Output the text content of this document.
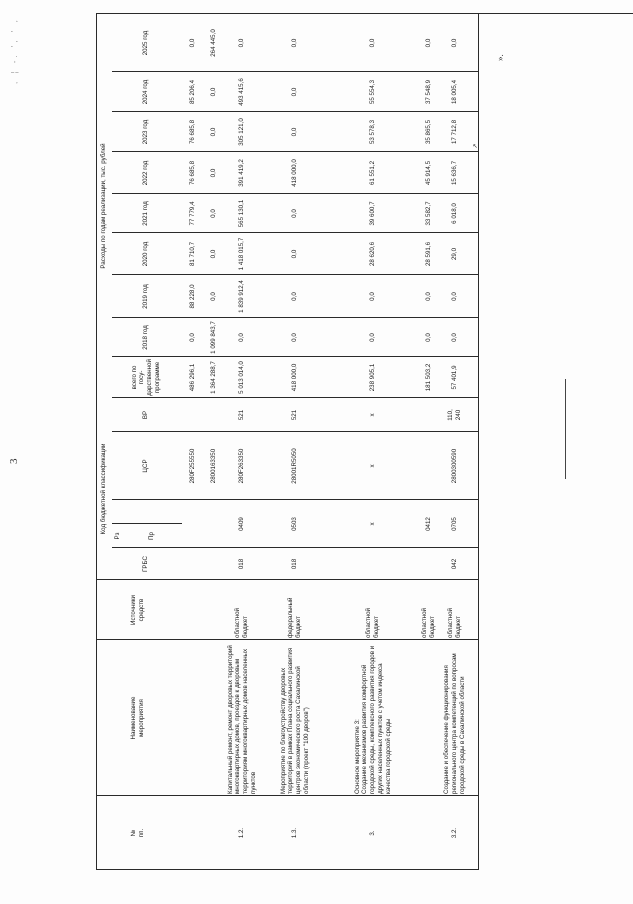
3
, ¦ -. ', ' ,	».
№
пп.
Наименование
мероприятия
Источники
средств
Код бюджетной классификации
ГРБС
Рз	Пр
ЦСР
ВР
Расходы по годам реализации, тыс. рублей
всего по госу-
дарственной
программе
2018 год
2019 год
2020 год
2021 год
2022 год
2023 год
2024 год
2025 год
280F255550
486 296,1
0,0
88 228,0
81 710,7
77 779,4
76 685,8
76 685,8
85 206,4
0,0
2800163350
1 364 288,7
1 099 843,7
0,0
0,0
0,0
0,0
0,0
0,0
264 445,0
1.2.
Капитальный ремонт, ремонт дворовых территорий многоквартирных домов, проездов к дворовым территориям многоквартирных домов населенных пунктов
областной
бюджет
018
0409
280F263350
521
5 013 014,0
0,0
1 839 912,4
1 418 015,7
565 130,1
391 419,2
305 121,0
493 415,6
0,0
1.3.
Мероприятие по благоустройству дворовых территорий в рамках Плана социального развития центров экономического роста Сахалинской области (проект "100 дворов")
федеральный
бюджет
018
0503
28001R5050
521
418 000,0
0,0
0,0
0,0
0,0
418 000,0
0,0
0,0
0,0
3.
Основное мероприятие 3:
Создание механизмов развития комфортной городской среды, комплексного развития городов и других населенных пунктов с учетом индекса качества городской среды
областной
бюджет
x
x
x
238 905,1
0,0
0,0
28 620,6
39 600,7
61 551,2
53 578,3
55 554,3
0,0
областной
бюджет
0412
181 503,2
0,0
0,0
28 591,6
33 582,7
45 914,5
35 865,5
37 548,9
0,0
3.2.
Создание и обеспечение функционирования регионального центра компетенций по вопросам городской среды в Сахалинской области
областной
бюджет
042
0705
2800300590
110,
240
57 401,9
0,0
0,0
29,0
6 018,0
15 636,7
17 712,8
18 005,4
0,0
↗
